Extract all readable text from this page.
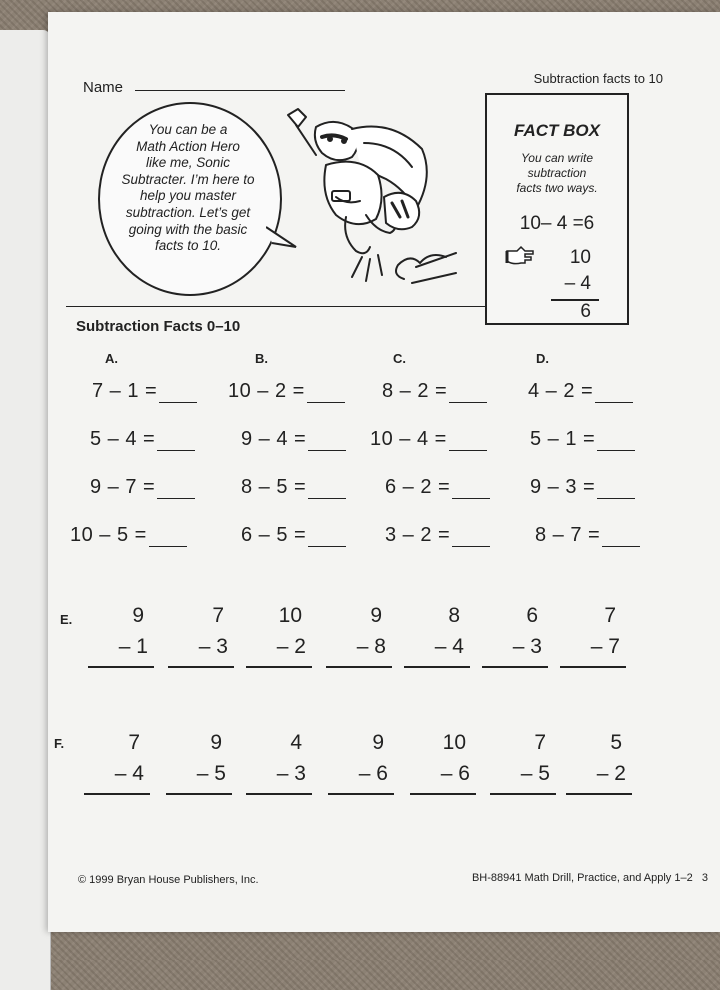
Name
Subtraction facts to 10
You can be a
Math Action Hero
like me, Sonic
Subtracter. I’m here to
help you master
subtraction. Let’s get
going with the basic
facts to 10.
FACT BOX
You can write
subtraction
facts two ways.
10– 4 =6
10
– 4
6
Subtraction Facts 0–10
A.	B.	C.	D.
7 – 1 =	10 – 2 =	8 – 2 =	4 – 2 =
5 – 4 =	9 – 4 =	10 – 4 =	5 – 1 =
9 – 7 =	8 – 5 =	6 – 2 =	9 – 3 =
10 – 5 =	6 – 5 =	3 – 2 =	8 – 7 =
E.	9
– 1
7
– 3
10
– 2
9
– 8
8
– 4
6
– 3
7
– 7
F.	7
– 4
9
– 5
4
– 3
9
– 6
10
– 6
7
– 5
5
– 2
© 1999 Bryan House Publishers, Inc.	BH-88941 Math Drill, Practice, and Apply 1–2 3
